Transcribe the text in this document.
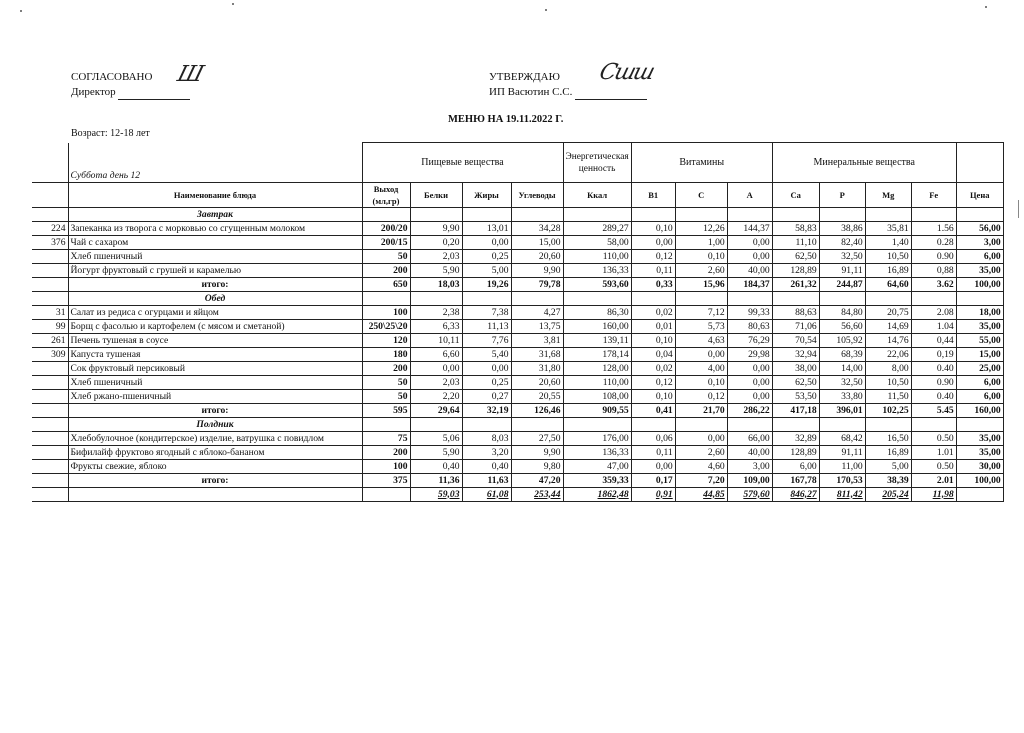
СОГЛАСОВАНО
Директор
Ш	УТВЕРЖДАЮ
ИП Васютин С.С.
Сшш
МЕНЮ НА 19.11.2022 Г.
Возраст: 12-18 лет
	Суббота день 12	Пищевые вещества				Энергетическая ценность	Витамины			Минеральные вещества				
	Наименование блюда	Выход (мл,гр)	Белки	Жиры	Углеводы	Ккал	B1	C	A	Ca	P	Mg	Fe	Цена
	Завтрак													
224	Запеканка из творога с морковью со сгущенным молоком	200/20	9,90	13,01	34,28	289,27	0,10	12,26	144,37	58,83	38,86	35,81	1.56	56,00
376	Чай с сахаром	200/15	0,20	0,00	15,00	58,00	0,00	1,00	0,00	11,10	82,40	1,40	0.28	3,00
	Хлеб пшеничный	50	2,03	0,25	20,60	110,00	0,12	0,10	0,00	62,50	32,50	10,50	0.90	6,00
	Йогурт фруктовый с грушей и карамелью	200	5,90	5,00	9,90	136,33	0,11	2,60	40,00	128,89	91,11	16,89	0,88	35,00
	итого:	650	18,03	19,26	79,78	593,60	0,33	15,96	184,37	261,32	244,87	64,60	3.62	100,00
	Обед													
31	Салат из редиса с огурцами и яйцом	100	2,38	7,38	4,27	86,30	0,02	7,12	99,33	88,63	84,80	20,75	2.08	18,00
99	Борщ с фасолью и картофелем (с мясом и сметаной)	250\25\20	6,33	11,13	13,75	160,00	0,01	5,73	80,63	71,06	56,60	14,69	1.04	35,00
261	Печень тушеная в соусе	120	10,11	7,76	3,81	139,11	0,10	4,63	76,29	70,54	105,92	14,76	0,44	55,00
309	Капуста тушеная	180	6,60	5,40	31,68	178,14	0,04	0,00	29,98	32,94	68,39	22,06	0,19	15,00
	Сок фруктовый персиковый	200	0,00	0,00	31,80	128,00	0,02	4,00	0,00	38,00	14,00	8,00	0.40	25,00
	Хлеб пшеничный	50	2,03	0,25	20,60	110,00	0,12	0,10	0,00	62,50	32,50	10,50	0.90	6,00
	Хлеб ржано-пшеничный	50	2,20	0,27	20,55	108,00	0,10	0,12	0,00	53,50	33,80	11,50	0.40	6,00
	итого:	595	29,64	32,19	126,46	909,55	0,41	21,70	286,22	417,18	396,01	102,25	5.45	160,00
	Полдник													
	Хлебобулочное (кондитерское) изделие, ватрушка с повидлом	75	5,06	8,03	27,50	176,00	0,06	0,00	66,00	32,89	68,42	16,50	0.50	35,00
	Бифилайф фруктово ягодный с яблоко-бананом	200	5,90	3,20	9,90	136,33	0,11	2,60	40,00	128,89	91,11	16,89	1.01	35,00
	Фрукты свежие, яблоко	100	0,40	0,40	9,80	47,00	0,00	4,60	3,00	6,00	11,00	5,00	0.50	30,00
	итого:	375	11,36	11,63	47,20	359,33	0,17	7,20	109,00	167,78	170,53	38,39	2.01	100,00
			59,03	61,08	253,44	1862,48	0,91	44,85	579,60	846,27	811,42	205,24	11,98	
